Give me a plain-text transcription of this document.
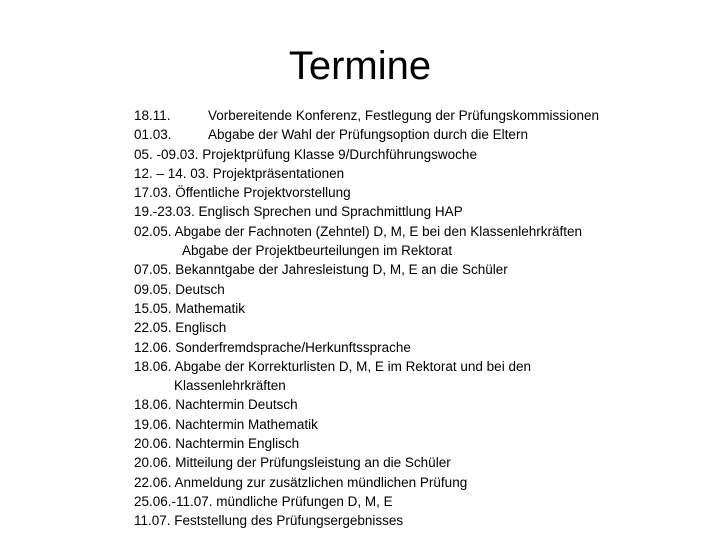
Termine
18.11.	Vorbereitende Konferenz, Festlegung der Prüfungskommissionen
01.03.	Abgabe der Wahl der Prüfungsoption durch die Eltern
05. -09.03. Projektprüfung Klasse 9/Durchführungswoche
12. – 14. 03. Projektpräsentationen
17.03. Öffentliche Projektvorstellung
19.-23.03. Englisch Sprechen und Sprachmittlung HAP
02.05. Abgabe der Fachnoten (Zehntel) D, M, E bei den Klassenlehrkräften
Abgabe der Projektbeurteilungen im Rektorat
07.05. Bekanntgabe der Jahresleistung D, M, E an die Schüler
09.05. Deutsch
15.05. Mathematik
22.05. Englisch
12.06. Sonderfremdsprache/Herkunftssprache
18.06. Abgabe der Korrekturlisten D, M, E im Rektorat und bei den
Klassenlehrkräften
18.06. Nachtermin Deutsch
19.06. Nachtermin Mathematik
20.06. Nachtermin Englisch
20.06. Mitteilung der Prüfungsleistung an die Schüler
22.06. Anmeldung zur zusätzlichen mündlichen Prüfung
25.06.-11.07. mündliche Prüfungen D, M, E
11.07. Feststellung des Prüfungsergebnisses
